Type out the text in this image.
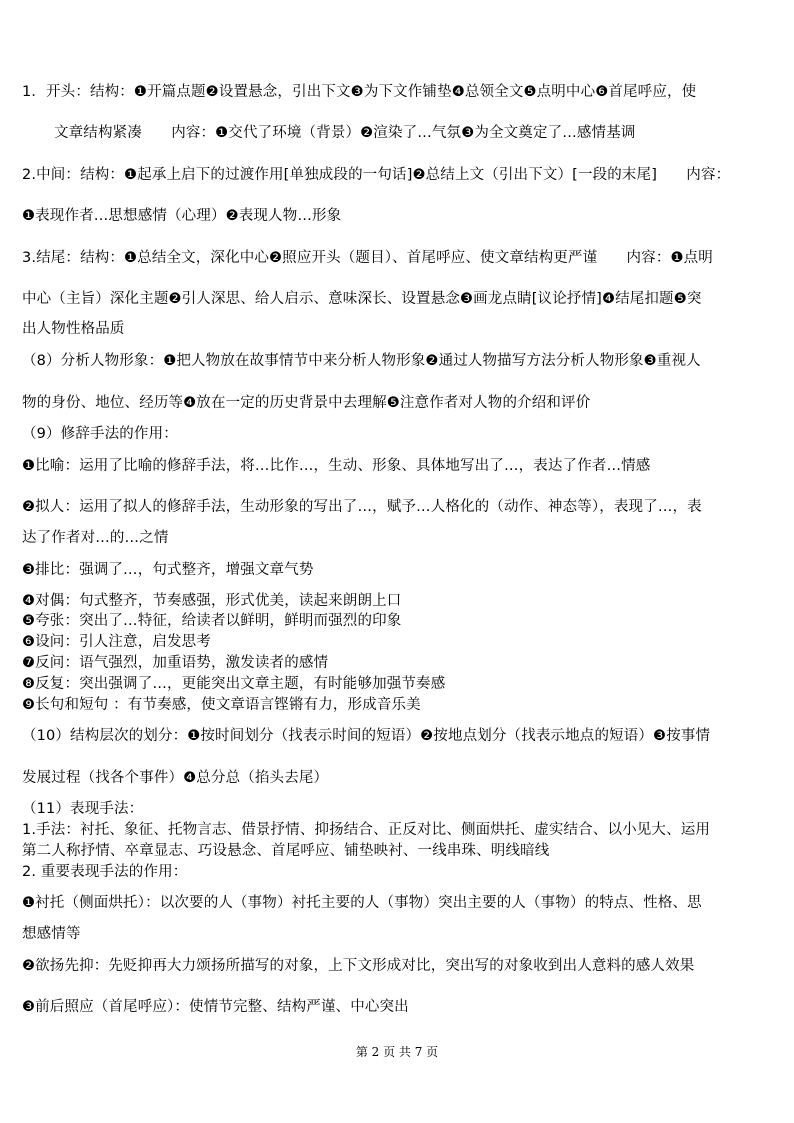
1．开头：结构：❶开篇点题❷设置悬念，引出下文❸为下文作铺垫❹总领全文❺点明中心❻首尾呼应，使
文章结构紧凑　　内容：❶交代了环境（背景）❷渲染了…气氛❸为全文奠定了…感情基调
2.中间：结构：❶起承上启下的过渡作用[单独成段的一句话]❷总结上文（引出下文）[一段的末尾]　　内容：
❶表现作者…思想感情（心理）❷表现人物…形象
3.结尾：结构：❶总结全文，深化中心❷照应开头（题目）、首尾呼应、使文章结构更严谨　　内容：❶点明
中心（主旨）深化主题❷引人深思、给人启示、意味深长、设置悬念❸画龙点睛[议论抒情]❹结尾扣题❺突
出人物性格品质
（8）分析人物形象：❶把人物放在故事情节中来分析人物形象❷通过人物描写方法分析人物形象❸重视人
物的身份、地位、经历等❹放在一定的历史背景中去理解❺注意作者对人物的介绍和评价
（9）修辞手法的作用：
❶比喻：运用了比喻的修辞手法，将…比作…，生动、形象、具体地写出了…，表达了作者…情感
❷拟人：运用了拟人的修辞手法，生动形象的写出了…，赋予…人格化的（动作、神态等），表现了…，表
达了作者对…的…之情
❸排比：强调了…，句式整齐，增强文章气势
❹对偶：句式整齐，节奏感强，形式优美，读起来朗朗上口
❺夸张：突出了…特征，给读者以鲜明，鲜明而强烈的印象
❻设问：引人注意，启发思考
❼反问：语气强烈，加重语势，激发读者的感情
❽反复：突出强调了…，更能突出文章主题，有时能够加强节奏感
❾长句和短句 ：有节奏感，使文章语言铿锵有力，形成音乐美
（10）结构层次的划分：❶按时间划分（找表示时间的短语）❷按地点划分（找表示地点的短语）❸按事情
发展过程（找各个事件）❹总分总（掐头去尾）
（11）表现手法：
1.手法：衬托、象征、托物言志、借景抒情、抑扬结合、正反对比、侧面烘托、虚实结合、以小见大、运用
第二人称抒情、卒章显志、巧设悬念、首尾呼应、铺垫映衬、一线串珠、明线暗线
2. 重要表现手法的作用：
❶衬托（侧面烘托）：以次要的人（事物）衬托主要的人（事物）突出主要的人（事物）的特点、性格、思
想感情等
❷欲扬先抑：先贬抑再大力颂扬所描写的对象，上下文形成对比，突出写的对象收到出人意料的感人效果
❸前后照应（首尾呼应）：使情节完整、结构严谨、中心突出
第 2 页 共 7 页
